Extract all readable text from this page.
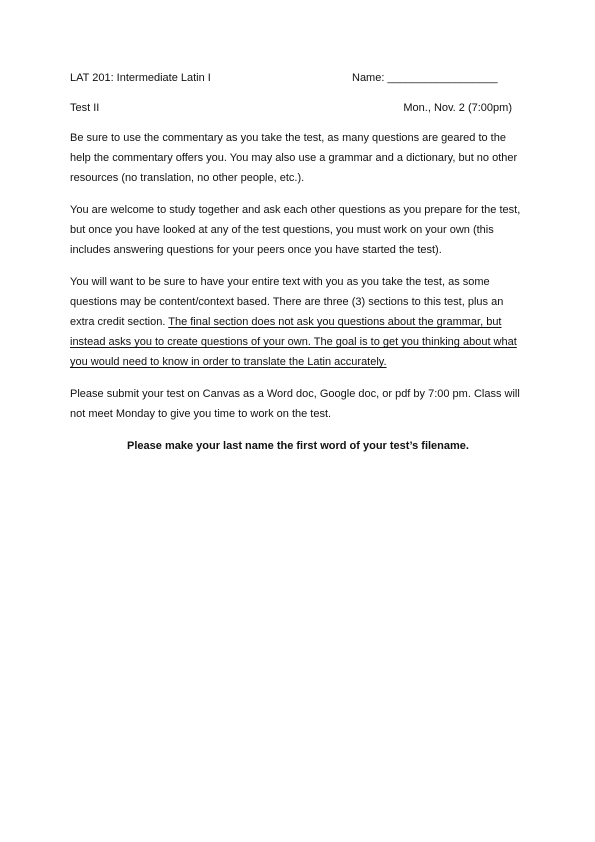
LAT 201: Intermediate Latin I	Name: __________________
Test II	Mon., Nov. 2 (7:00pm)

Be sure to use the commentary as you take the test, as many questions are geared to the help the commentary offers you. You may also use a grammar and a dictionary, but no other resources (no translation, no other people, etc.).

You are welcome to study together and ask each other questions as you prepare for the test, but once you have looked at any of the test questions, you must work on your own (this includes answering questions for your peers once you have started the test).

You will want to be sure to have your entire text with you as you take the test, as some questions may be content/context based. There are three (3) sections to this test, plus an extra credit section. The final section does not ask you questions about the grammar, but instead asks you to create questions of your own. The goal is to get you thinking about what you would need to know in order to translate the Latin accurately.

Please submit your test on Canvas as a Word doc, Google doc, or pdf by 7:00 pm. Class will not meet Monday to give you time to work on the test.

Please make your last name the first word of your test’s filename.
